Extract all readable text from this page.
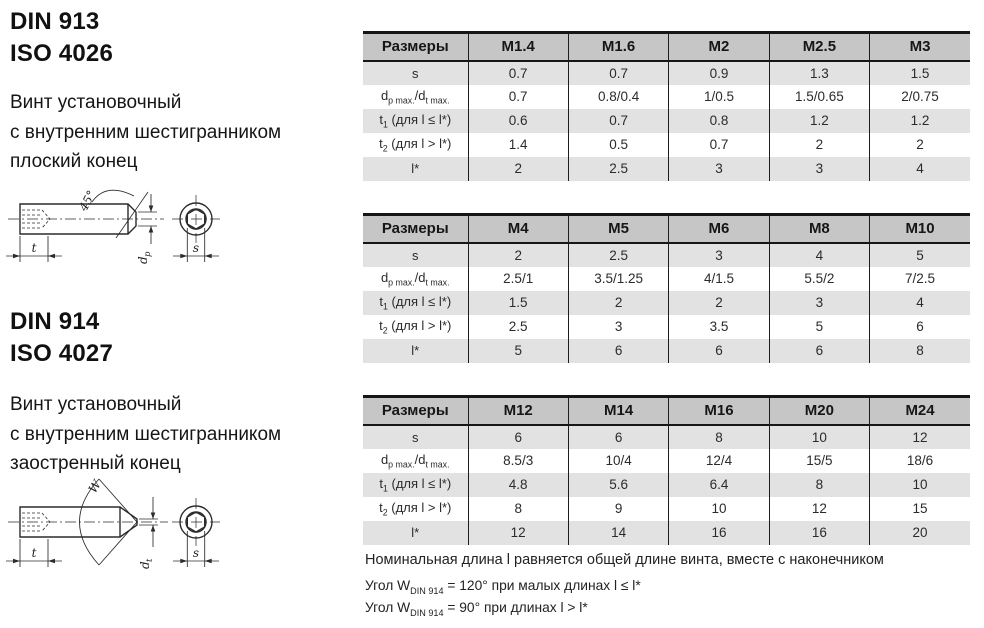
DIN 913
ISO 4026
Винт установочный
с внутренним шестигранником
плоский конец
45°
t
d
p	s
DIN 914
ISO 4027
Винт установочный
с внутренним шестигранником
заостренный конец
W
t
d
t
s
Размеры	M1.4	M1.6	M2	M2.5	M3
s	0.7	0.7	0.9	1.3	1.5
$d_{p max.}/d_{t max.}$	0.7	0.8/0.4	1/0.5	1.5/0.65	2/0.75
$t_1$ (для l ≤ l*)	0.6	0.7	0.8	1.2	1.2
$t_2$ (для l > l*)	1.4	0.5	0.7	2	2
l*	2	2.5	3	3	4
Размеры	M4	M5	M6	M8	M10
s	2	2.5	3	4	5
$d_{p max.}/d_{t max.}$	2.5/1	3.5/1.25	4/1.5	5.5/2	7/2.5
$t_1$ (для l ≤ l*)	1.5	2	2	3	4
$t_2$ (для l > l*)	2.5	3	3.5	5	6
l*	5	6	6	6	8
Размеры	M12	M14	M16	M20	M24
s	6	6	8	10	12
$d_{p max.}/d_{t max.}$	8.5/3	10/4	12/4	15/5	18/6
$t_1$ (для l ≤ l*)	4.8	5.6	6.4	8	10
$t_2$ (для l > l*)	8	9	10	12	15
l*	12	14	16	16	20
Номинальная длина l равняется общей длине винта, вместе с наконечником
Угол $W_{DIN 914} = 120^\circ$ при малых длинах l ≤ l*
Угол $W_{DIN 914} = 90^\circ$ при длинах l > l*
